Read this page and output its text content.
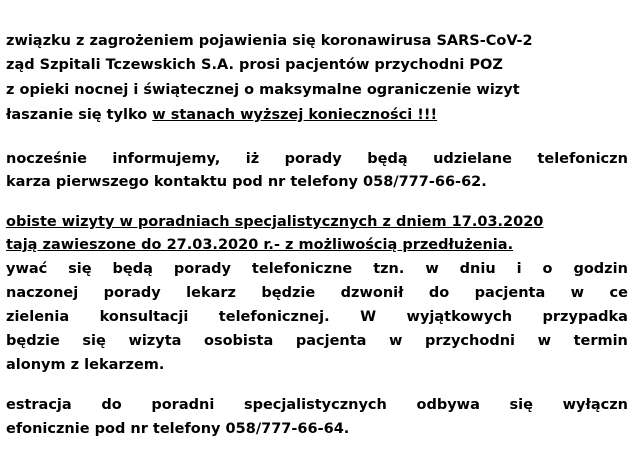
związku z zagrożeniem pojawienia się koronawirusa SARS-CoV-2
ząd Szpitali Tczewskich S.A. prosi pacjentów przychodni POZ
z opieki nocnej i świątecznej o maksymalne ograniczenie wizyt
łaszanie się tylko w stanach wyższej konieczności !!!
nocześnie informujemy, iż porady będą udzielane telefoniczn
karza pierwszego kontaktu pod nr telefony 058/777-66-62.
obiste wizyty w poradniach specjalistycznych z dniem 17.03.2020
tają zawieszone do 27.03.2020 r.- z możliwością przedłużenia.
ywać się będą porady telefoniczne tzn. w dniu i o godzin
naczonej porady lekarz będzie dzwonił do pacjenta w ce
zielenia konsultacji telefonicznej. W wyjątkowych przypadka
będzie się wizyta osobista pacjenta w przychodni w termin
alonym z lekarzem.
estracja do poradni specjalistycznych odbywa się wyłączn
efonicznie pod nr telefony 058/777-66-64.
